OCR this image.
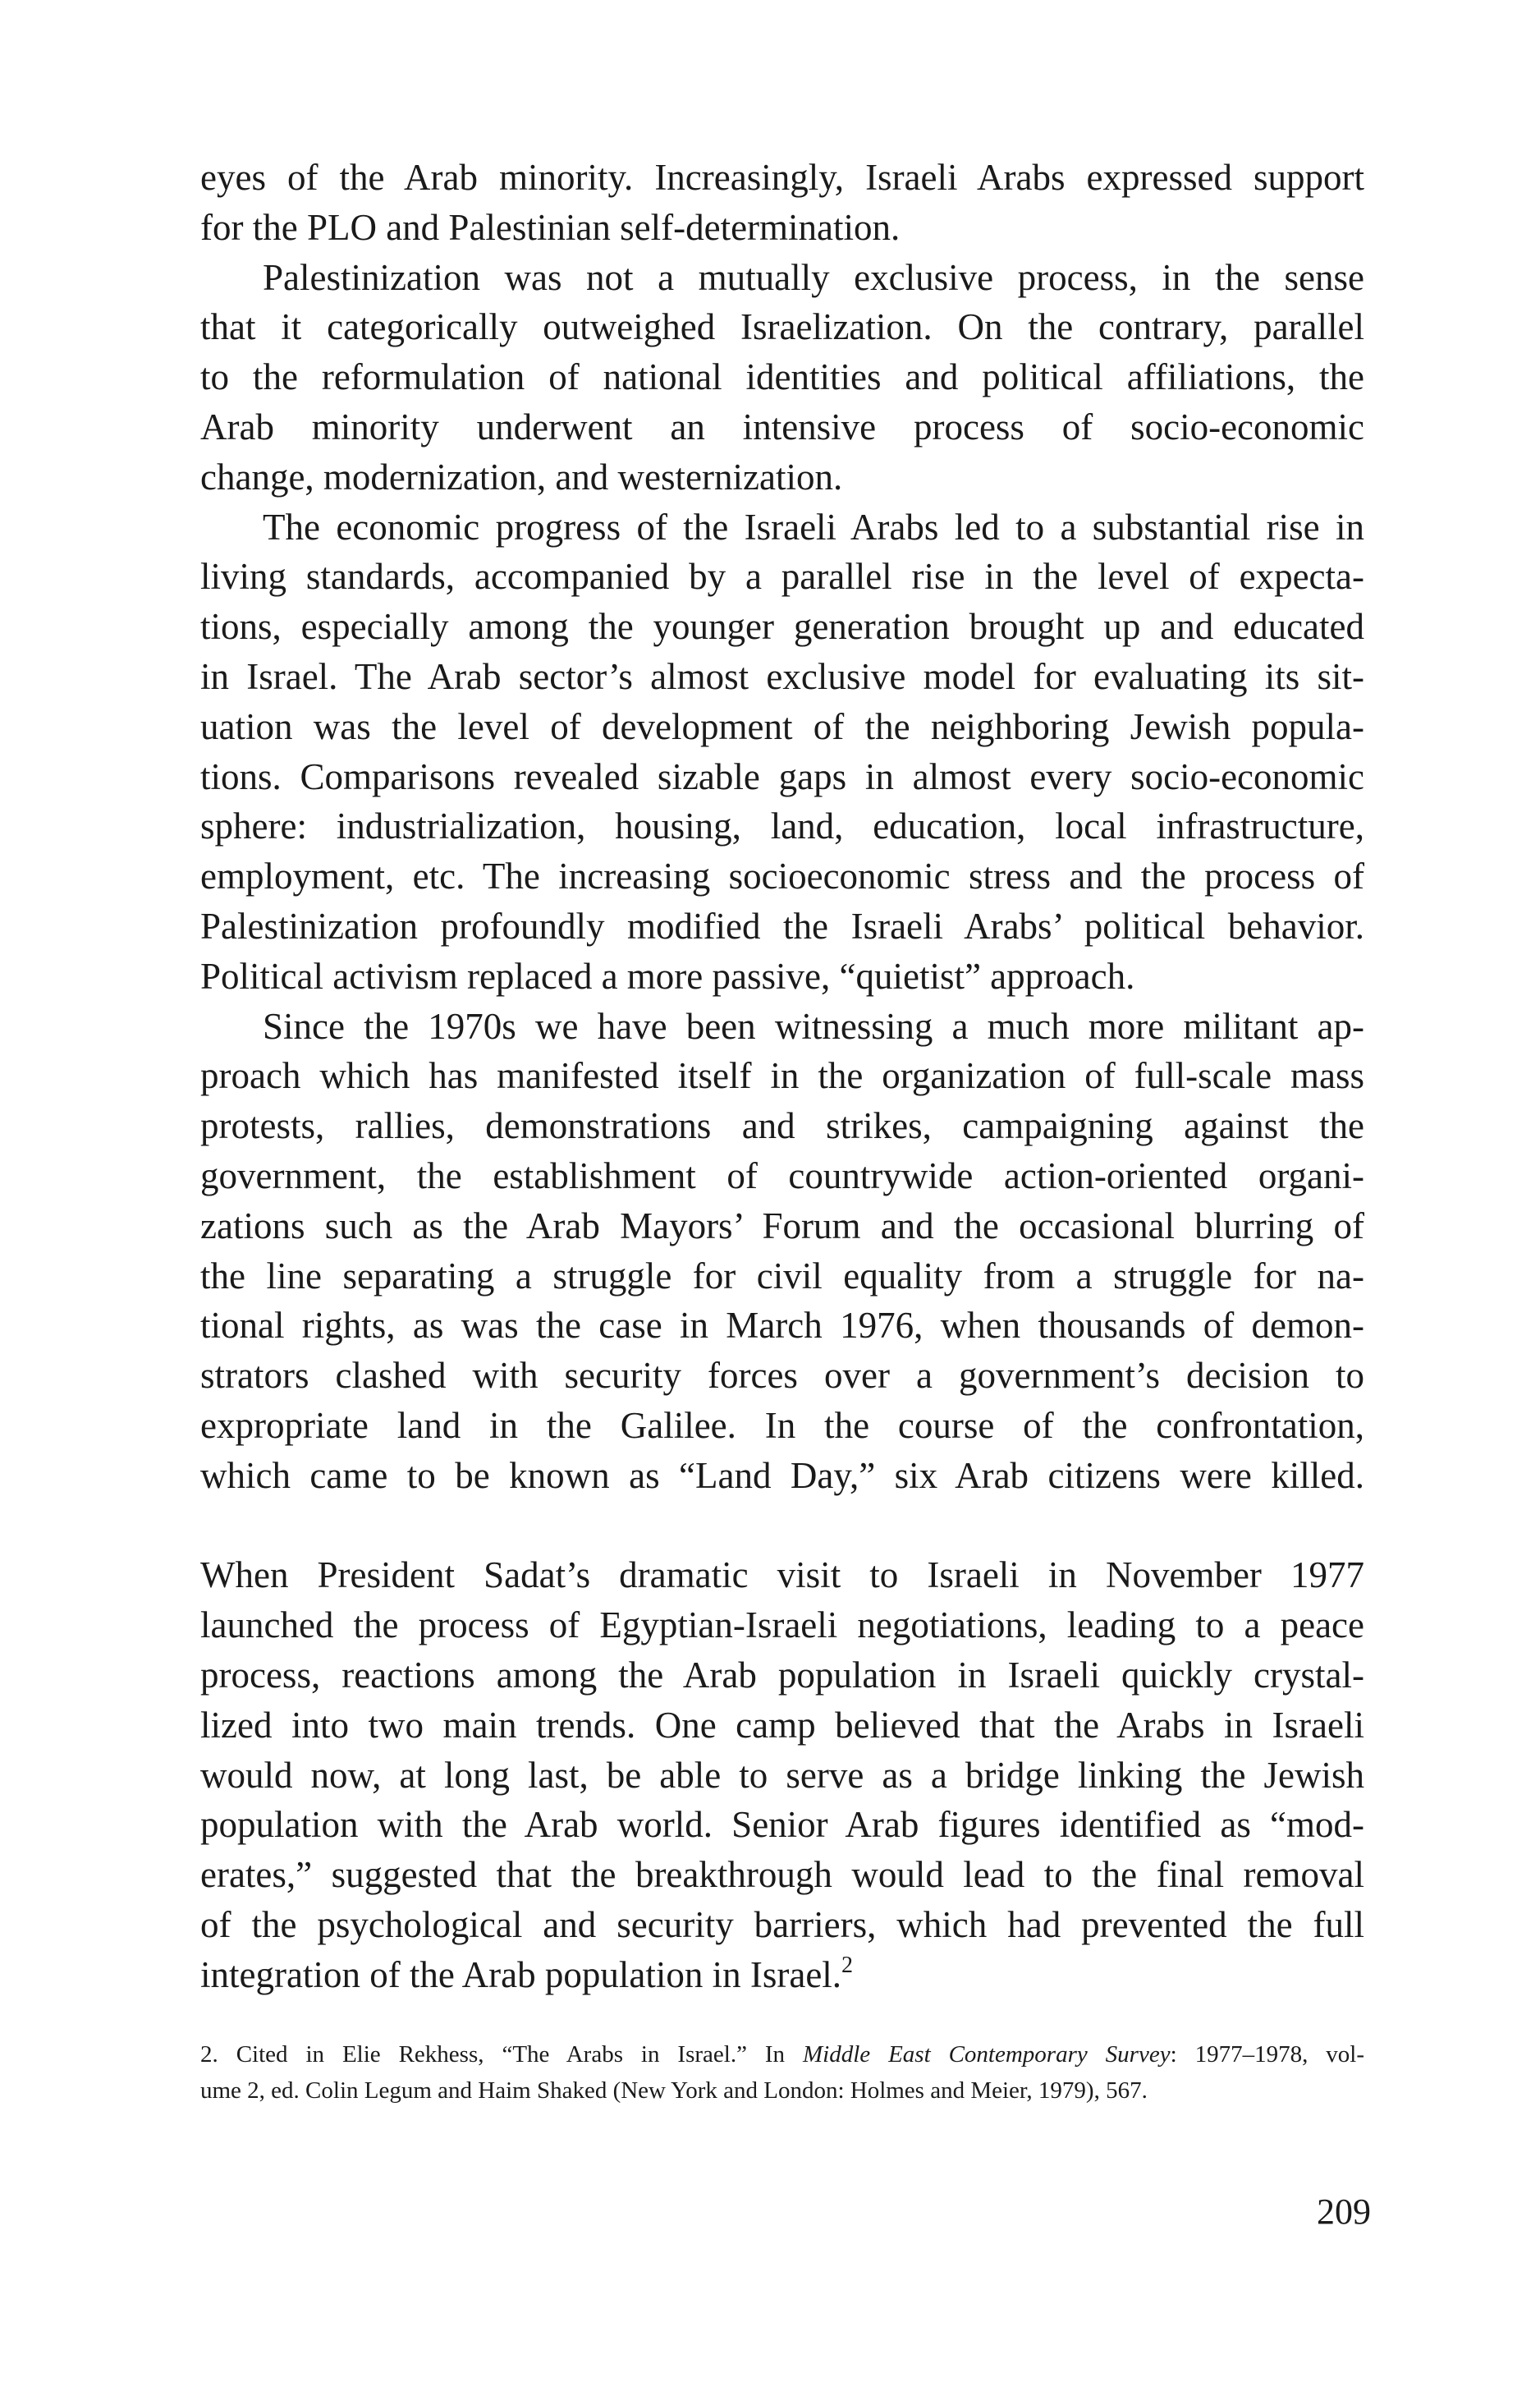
eyes of the Arab minority. Increasingly, Israeli Arabs expressed support
for the PLO and Palestinian self-determination.
Palestinization was not a mutually exclusive process, in the sense
that it categorically outweighed Israelization. On the contrary, parallel
to the reformulation of national identities and political affiliations, the
Arab minority underwent an intensive process of socio-economic
change, modernization, and westernization.
The economic progress of the Israeli Arabs led to a substantial rise in
living standards, accompanied by a parallel rise in the level of expecta-
tions, especially among the younger generation brought up and educated
in Israel. The Arab sector’s almost exclusive model for evaluating its sit-
uation was the level of development of the neighboring Jewish popula-
tions. Comparisons revealed sizable gaps in almost every socio-economic
sphere: industrialization, housing, land, education, local infrastructure,
employment, etc. The increasing socioeconomic stress and the process of
Palestinization profoundly modified the Israeli Arabs’ political behavior.
Political activism replaced a more passive, “quietist” approach.
Since the 1970s we have been witnessing a much more militant ap-
proach which has manifested itself in the organization of full-scale mass
protests, rallies, demonstrations and strikes, campaigning against the
government, the establishment of countrywide action-oriented organi-
zations such as the Arab Mayors’ Forum and the occasional blurring of
the line separating a struggle for civil equality from a struggle for na-
tional rights, as was the case in March 1976, when thousands of demon-
strators clashed with security forces over a government’s decision to
expropriate land in the Galilee. In the course of the confrontation,
which came to be known as “Land Day,” six Arab citizens were killed.
When President Sadat’s dramatic visit to Israeli in November 1977
launched the process of Egyptian-Israeli negotiations, leading to a peace
process, reactions among the Arab population in Israeli quickly crystal-
lized into two main trends. One camp believed that the Arabs in Israeli
would now, at long last, be able to serve as a bridge linking the Jewish
population with the Arab world. Senior Arab figures identified as “mod-
erates,” suggested that the breakthrough would lead to the final removal
of the psychological and security barriers, which had prevented the full
integration of the Arab population in Israel.$^2$
2. Cited in Elie Rekhess, “The Arabs in Israel.” In Middle East Contemporary Survey: 1977–1978, vol-
ume 2, ed. Colin Legum and Haim Shaked (New York and London: Holmes and Meier, 1979), 567.
209
